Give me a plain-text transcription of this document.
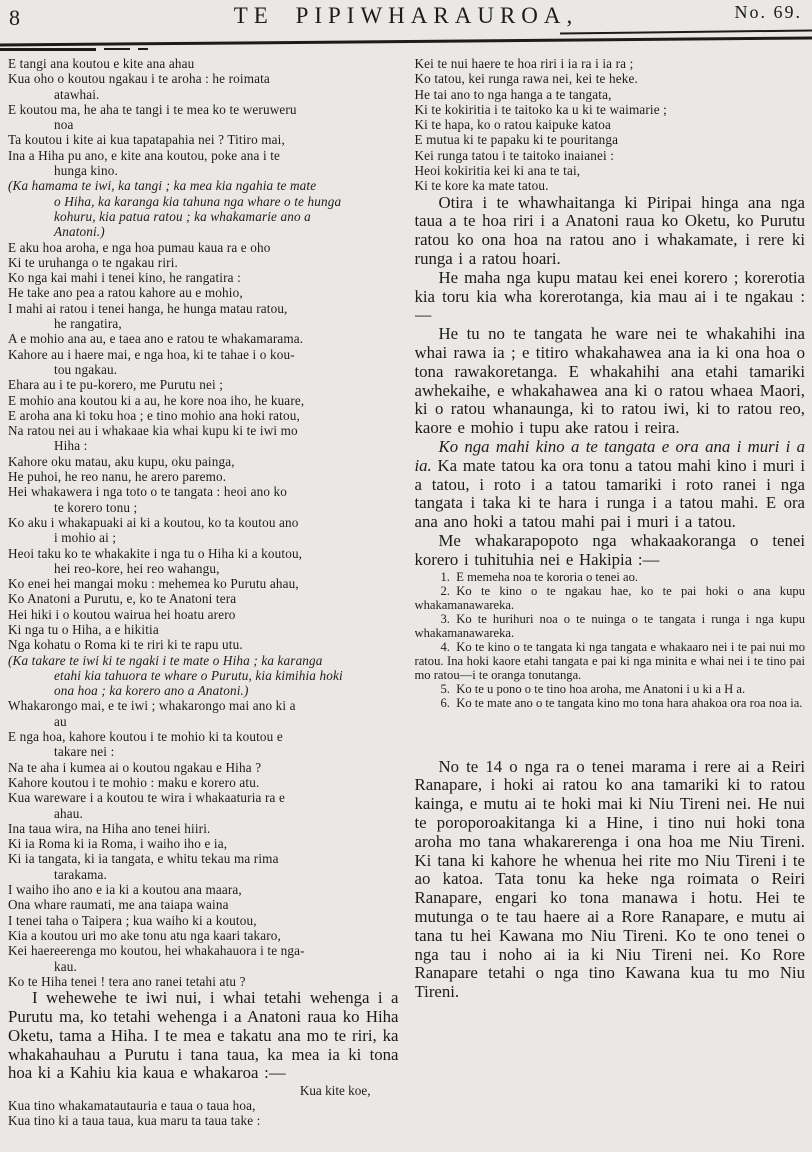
8	TE PIPIWHARAUROA,	No. 69.
E tangi ana koutou e kite ana ahau
Kua oho o koutou ngakau i te aroha : he roimata
atawhai.
E koutou ma, he aha te tangi i te mea ko te weruweru
noa
Ta koutou i kite ai kua tapatapahia nei ? Titiro mai,
Ina a Hiha pu ano, e kite ana koutou, poke ana i te
hunga kino.
(Ka hamama te iwi, ka tangi ; ka mea kia ngahia te mate
o Hiha, ka karanga kia tahuna nga whare o te hunga
kohuru, kia patua ratou ; ka whakamarie ano a
Anatoni.)
E aku hoa aroha, e nga hoa pumau kaua ra e oho
Ki te uruhanga o te ngakau riri.
Ko nga kai mahi i tenei kino, he rangatira :
He take ano pea a ratou kahore au e mohio,
I mahi ai ratou i tenei hanga, he hunga matau ratou,
he rangatira,
A e mohio ana au, e taea ano e ratou te whakamarama.
Kahore au i haere mai, e nga hoa, ki te tahae i o kou-
tou ngakau.
Ehara au i te pu-korero, me Purutu nei ;
E mohio ana koutou ki a au, he kore noa iho, he kuare,
E aroha ana ki toku hoa ; e tino mohio ana hoki ratou,
Na ratou nei au i whakaae kia whai kupu ki te iwi mo
Hiha :
Kahore oku matau, aku kupu, oku painga,
He puhoi, he reo nanu, he arero paremo.
Hei whakawera i nga toto o te tangata : heoi ano ko
te korero tonu ;
Ko aku i whakapuaki ai ki a koutou, ko ta koutou ano
i mohio ai ;
Heoi taku ko te whakakite i nga tu o Hiha ki a koutou,
hei reo-kore, hei reo wahangu,
Ko enei hei mangai moku : mehemea ko Purutu ahau,
Ko Anatoni a Purutu, e, ko te Anatoni tera
Hei hiki i o koutou wairua hei hoatu arero
Ki nga tu o Hiha, a e hikitia
Nga kohatu o Roma ki te riri ki te rapu utu.
(Ka takare te iwi ki te ngaki i te mate o Hiha ; ka karanga
etahi kia tahuora te whare o Purutu, kia kimihia hoki
ona hoa ; ka korero ano a Anatoni.)
Whakarongo mai, e te iwi ; whakarongo mai ano ki a
au
E nga hoa, kahore koutou i te mohio ki ta koutou e
takare nei :
Na te aha i kumea ai o koutou ngakau e Hiha ?
Kahore koutou i te mohio : maku e korero atu.
Kua wareware i a koutou te wira i whakaaturia ra e
ahau.
Ina taua wira, na Hiha ano tenei hiiri.
Ki ia Roma ki ia Roma, i waiho iho e ia,
Ki ia tangata, ki ia tangata, e whitu tekau ma rima
tarakama.
I waiho iho ano e ia ki a koutou ana maara,
Ona whare raumati, me ana taiapa waina
I tenei taha o Taipera ; kua waiho ki a koutou,
Kia a koutou uri mo ake tonu atu nga kaari takaro,
Kei haereerenga mo koutou, hei whakahauora i te nga-
kau.
Ko te Hiha tenei ! tera ano ranei tetahi atu ?

I wehewehe te iwi nui, i whai tetahi wehenga i a Purutu ma, ko tetahi wehenga i a Anatoni raua ko Hiha Oketu, tama a Hiha. I te mea e takatu ana mo te riri, ka whakahauhau a Purutu i tana taua, ka mea ia ki tona hoa ki a Kahiu kia kaua e whakaroa :—

Kua kite koe,
Kua tino whakamatautauria e taua o taua hoa,
Kua tino ki a taua taua, kua maru ta taua take :
Kei te nui haere te hoa riri i ia ra i ia ra ;
Ko tatou, kei runga rawa nei, kei te heke.
He tai ano to nga hanga a te tangata,
Ki te kokiritia i te taitoko ka u ki te waimarie ;
Ki te hapa, ko o ratou kaipuke katoa
E mutua ki te papaku ki te pouritanga
Kei runga tatou i te taitoko inaianei :
Heoi kokiritia kei ki ana te tai,
Ki te kore ka mate tatou.

Otira i te whawhaitanga ki Piripai hinga ana nga taua a te hoa riri i a Anatoni raua ko Oketu, ko Purutu ratou ko ona hoa na ratou ano i whakamate, i rere ki runga i a ratou hoari.

He maha nga kupu matau kei enei korero ; korerotia kia toru kia wha korerotanga, kia mau ai i te ngakau :—

He tu no te tangata he ware nei te whakahihi ina whai rawa ia ; e titiro whakahawea ana ia ki ona hoa o tona rawakoretanga. E whakahihi ana etahi tamariki awhekaihe, e whakahawea ana ki o ratou whaea Maori, ki o ratou whanaunga, ki to ratou iwi, ki to ratou reo, kaore e mohio i tupu ake ratou i reira.

Ko nga mahi kino a te tangata e ora ana i muri i a ia. Ka mate tatou ka ora tonu a tatou mahi kino i muri i a tatou, i roto i a tatou tamariki i roto ranei i nga tangata i taka ki te hara i runga i a tatou mahi. E ora ana ano hoki a tatou mahi pai i muri i a tatou.

Me whakarapopoto nga whakaakoranga o tenei korero i tuhituhia nei e Hakipia :—

1. E memeha noa te kororia o tenei ao.

2. Ko te kino o te ngakau hae, ko te pai hoki o ana kupu whakamanawareka.

3. Ko te hurihuri noa o te nuinga o te tangata i runga i nga kupu whakamanawareka.

4. Ko te kino o te tangata ki nga tangata e whakaaro nei i te pai nui mo ratou. Ina hoki kaore etahi tangata e pai ki nga minita e whai nei i te tino pai mo ratou—i te oranga tonutanga.

5. Ko te u pono o te tino hoa aroha, me Anatoni i u ki a H a.

6. Ko te mate ano o te tangata kino mo tona hara ahakoa ora roa noa ia.

No te 14 o nga ra o tenei marama i rere ai a Reiri Ranapare, i hoki ai ratou ko ana tamariki ki to ratou kainga, e mutu ai te hoki mai ki Niu Tireni nei. He nui te poroporoakitanga ki a Hine, i tino nui hoki tona aroha mo tana whakarerenga i ona hoa me Niu Tireni. Ki tana ki kahore he whenua hei rite mo Niu Tireni i te ao katoa. Tata tonu ka heke nga roimata o Reiri Ranapare, engari ko tona manawa i hotu. Hei te mutunga o te tau haere ai a Rore Ranapare, e mutu ai tana tu hei Kawana mo Niu Tireni. Ko te ono tenei o nga tau i noho ai ia ki Niu Tireni nei. Ko Rore Ranapare tetahi o nga tino Kawana kua tu mo Niu Tireni.
